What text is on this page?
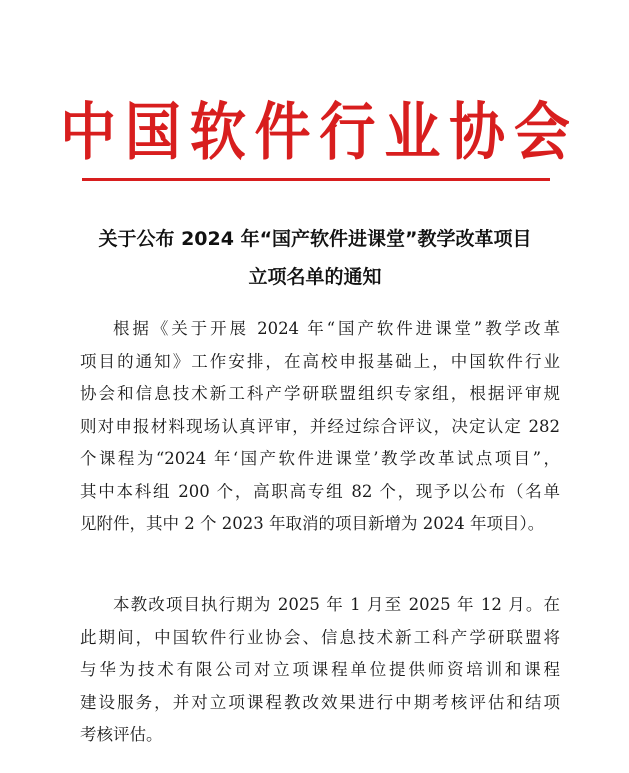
中 国 软 件 行 业 协 会
关于公布 2024 年“国产软件进课堂”教学改革项目
立项名单的通知
根据《关于开展 2024 年“国产软件进课堂”教学改革
项目的通知》工作安排，在高校申报基础上，中国软件行业
协会和信息技术新工科产学研联盟组织专家组，根据评审规
则对申报材料现场认真评审，并经过综合评议，决定认定 282
个课程为“2024 年‘国产软件进课堂’教学改革试点项目”，
其中本科组 200 个，高职高专组 82 个，现予以公布（名单
见附件，其中 2 个 2023 年取消的项目新增为 2024 年项目）。
本教改项目执行期为 2025 年 1 月至 2025 年 12 月。在
此期间，中国软件行业协会、信息技术新工科产学研联盟将
与华为技术有限公司对立项课程单位提供师资培训和课程
建设服务，并对立项课程教改效果进行中期考核评估和结项
考核评估。
